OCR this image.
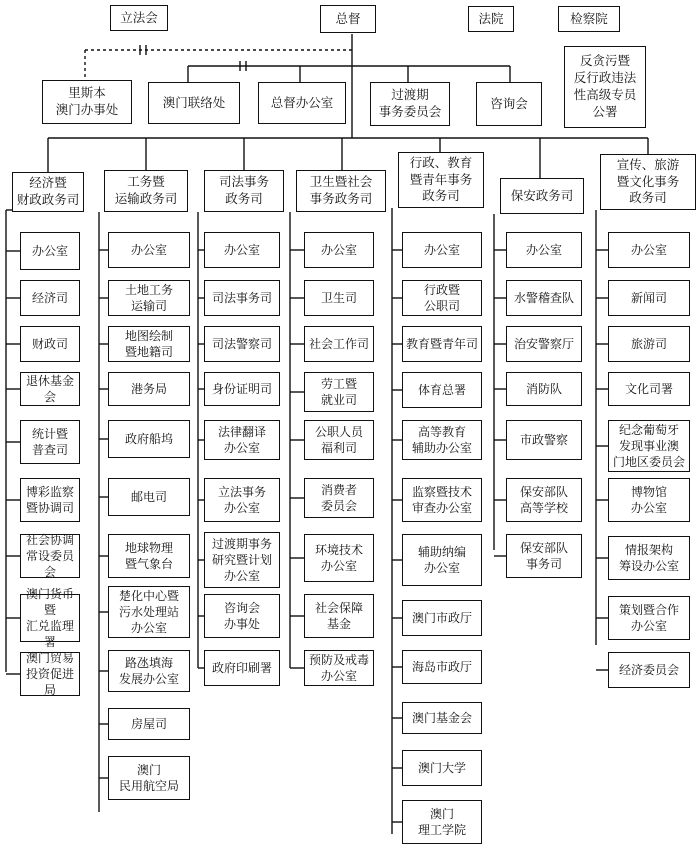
立法会	总督	法院	检察院
里斯本
澳门办事处	澳门联络处	总督办公室	过渡期
事务委员会
咨询会
反贪污暨
反行政违法
性高级专员
公署
经济暨
财政政务司
办公室
经济司
财政司
退休基金会
统计暨
普查司
博彩监察
暨协调司
社会协调
常设委员会
澳门货币暨
汇兑监理署
澳门贸易
投资促进局
工务暨
运输政务司
办公室
土地工务
运输司
地图绘制
暨地籍司
港务局
政府船坞
邮电司
地球物理
暨气象台
楚化中心暨
污水处理站
办公室
路氹填海
发展办公室
房屋司
澳门
民用航空局
司法事务
政务司
办公室
司法事务司
司法警察司
身份证明司
法律翻译
办公室
立法事务
办公室
过渡期事务
研究暨计划
办公室
咨询会
办事处
政府印刷署
卫生暨社会
事务政务司
办公室
卫生司
社会工作司
劳工暨
就业司
公职人员
福利司
消费者
委员会
环境技术
办公室
社会保障
基金
预防及戒毒
办公室
行政、教育
暨青年事务
政务司
办公室
行政暨
公职司
教育暨青年司
体育总署
高等教育
辅助办公室
监察暨技术
审查办公室
辅助纳编
办公室
澳门市政厅
海岛市政厅
澳门基金会
澳门大学
澳门
理工学院
保安政务司
办公室
水警稽查队
治安警察厅
消防队
市政警察
保安部队
高等学校
保安部队
事务司
宣传、旅游
暨文化事务
政务司
办公室
新闻司
旅游司
文化司署
纪念葡萄牙
发现事业澳
门地区委员会
博物馆
办公室
情报架构
筹设办公室
策划暨合作
办公室
经济委员会
